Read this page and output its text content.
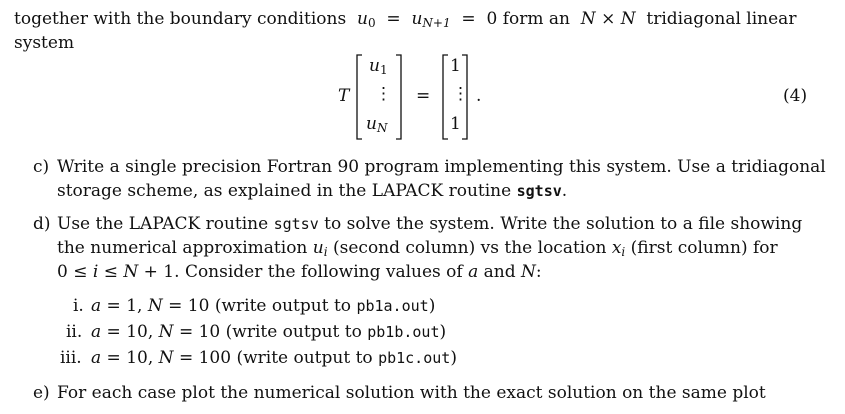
together with the boundary conditions $u_0 = uN+1 = 0$ form an N × N tridiagonal linear
system
T
$u_1$
⋮
uN
=
1
⋮
1
.	(4)
c) Write a single precision Fortran 90 program implementing this system. Use a tridiagonal
storage scheme, as explained in the LAPACK routine sgtsv.
d) Use the LAPACK routine sgtsv to solve the system. Write the solution to a file showing
the numerical approximation ui (second column) vs the location xi (first column) for
0 ≤ i ≤ N + 1. Consider the following values of a and N:
i. a = 1, N = 10 (write output to pb1a.out)
ii. a = 10, N = 10 (write output to pb1b.out)
iii. a = 10, N = 100 (write output to pb1c.out)
e) For each case plot the numerical solution with the exact solution on the same plot
